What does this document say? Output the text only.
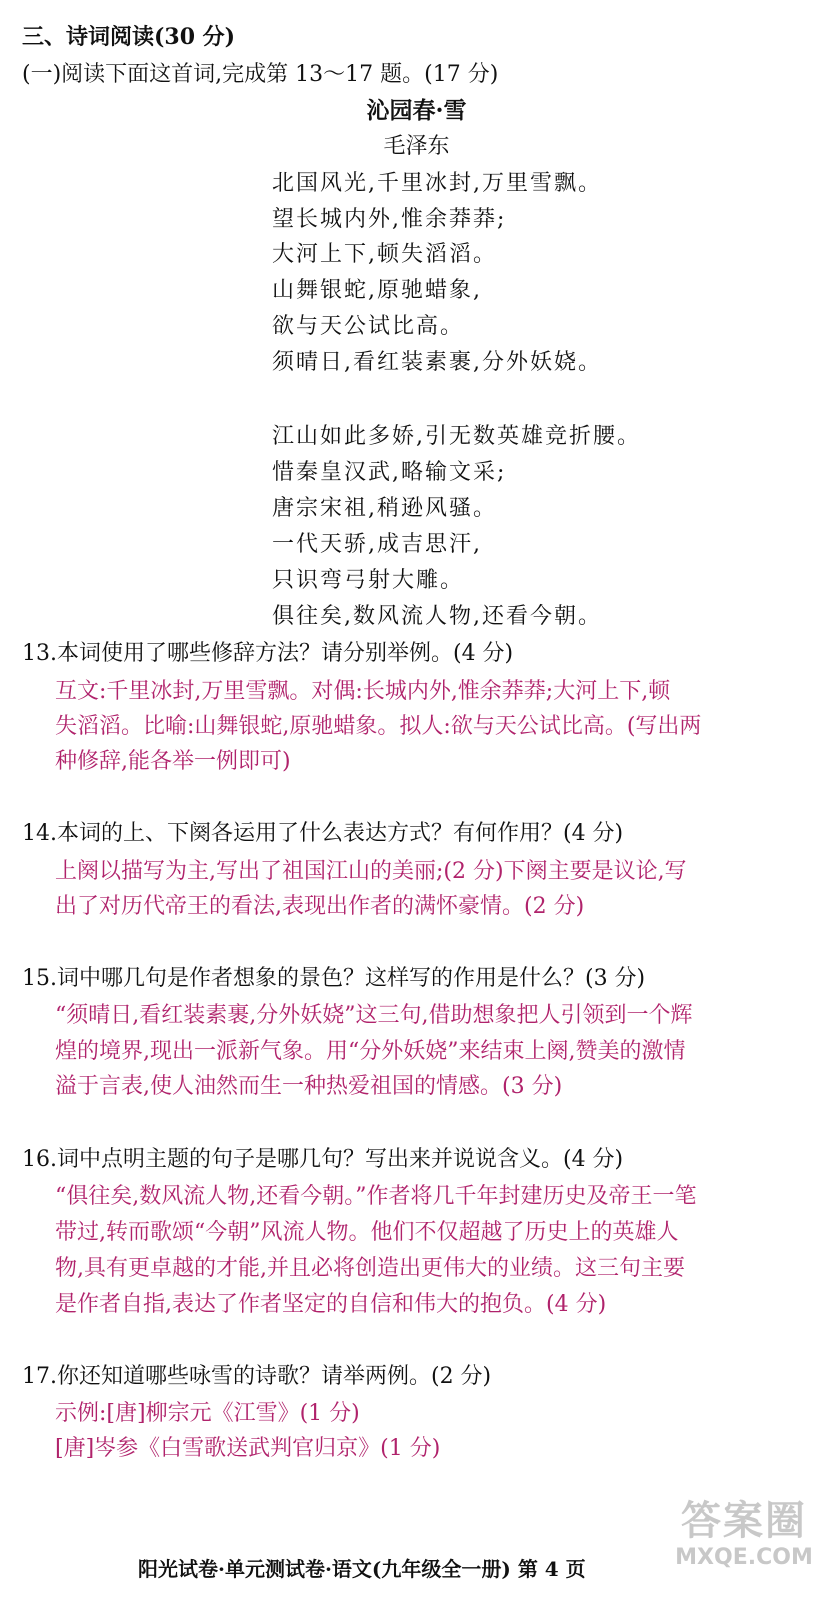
三、诗词阅读(30 分)
(一)阅读下面这首词,完成第 13～17 题。(17 分)
沁园春·雪
毛泽东
北国风光,千里冰封,万里雪飘。
望长城内外,惟余莽莽;
大河上下,顿失滔滔。
山舞银蛇,原驰蜡象,
欲与天公试比高。
须晴日,看红装素裹,分外妖娆。
江山如此多娇,引无数英雄竞折腰。
惜秦皇汉武,略输文采;
唐宗宋祖,稍逊风骚。
一代天骄,成吉思汗,
只识弯弓射大雕。
俱往矣,数风流人物,还看今朝。
13.本词使用了哪些修辞方法？请分别举例。(4 分)
互文:千里冰封,万里雪飘。对偶:长城内外,惟余莽莽;大河上下,顿
失滔滔。比喻:山舞银蛇,原驰蜡象。拟人:欲与天公试比高。(写出两
种修辞,能各举一例即可)
14.本词的上、下阕各运用了什么表达方式？有何作用？(4 分)
上阕以描写为主,写出了祖国江山的美丽;(2 分)下阕主要是议论,写
出了对历代帝王的看法,表现出作者的满怀豪情。(2 分)
15.词中哪几句是作者想象的景色？这样写的作用是什么？(3 分)
“须晴日,看红装素裹,分外妖娆”这三句,借助想象把人引领到一个辉
煌的境界,现出一派新气象。用“分外妖娆”来结束上阕,赞美的激情
溢于言表,使人油然而生一种热爱祖国的情感。(3 分)
16.词中点明主题的句子是哪几句？写出来并说说含义。(4 分)
“俱往矣,数风流人物,还看今朝。”作者将几千年封建历史及帝王一笔
带过,转而歌颂“今朝”风流人物。他们不仅超越了历史上的英雄人
物,具有更卓越的才能,并且必将创造出更伟大的业绩。这三句主要
是作者自指,表达了作者坚定的自信和伟大的抱负。(4 分)
17.你还知道哪些咏雪的诗歌？请举两例。(2 分)
示例:[唐]柳宗元《江雪》(1 分)
[唐]岑参《白雪歌送武判官归京》(1 分)
阳光试卷·单元测试卷·语文(九年级全一册) 第 4 页
答案圈
MXQE.COM
